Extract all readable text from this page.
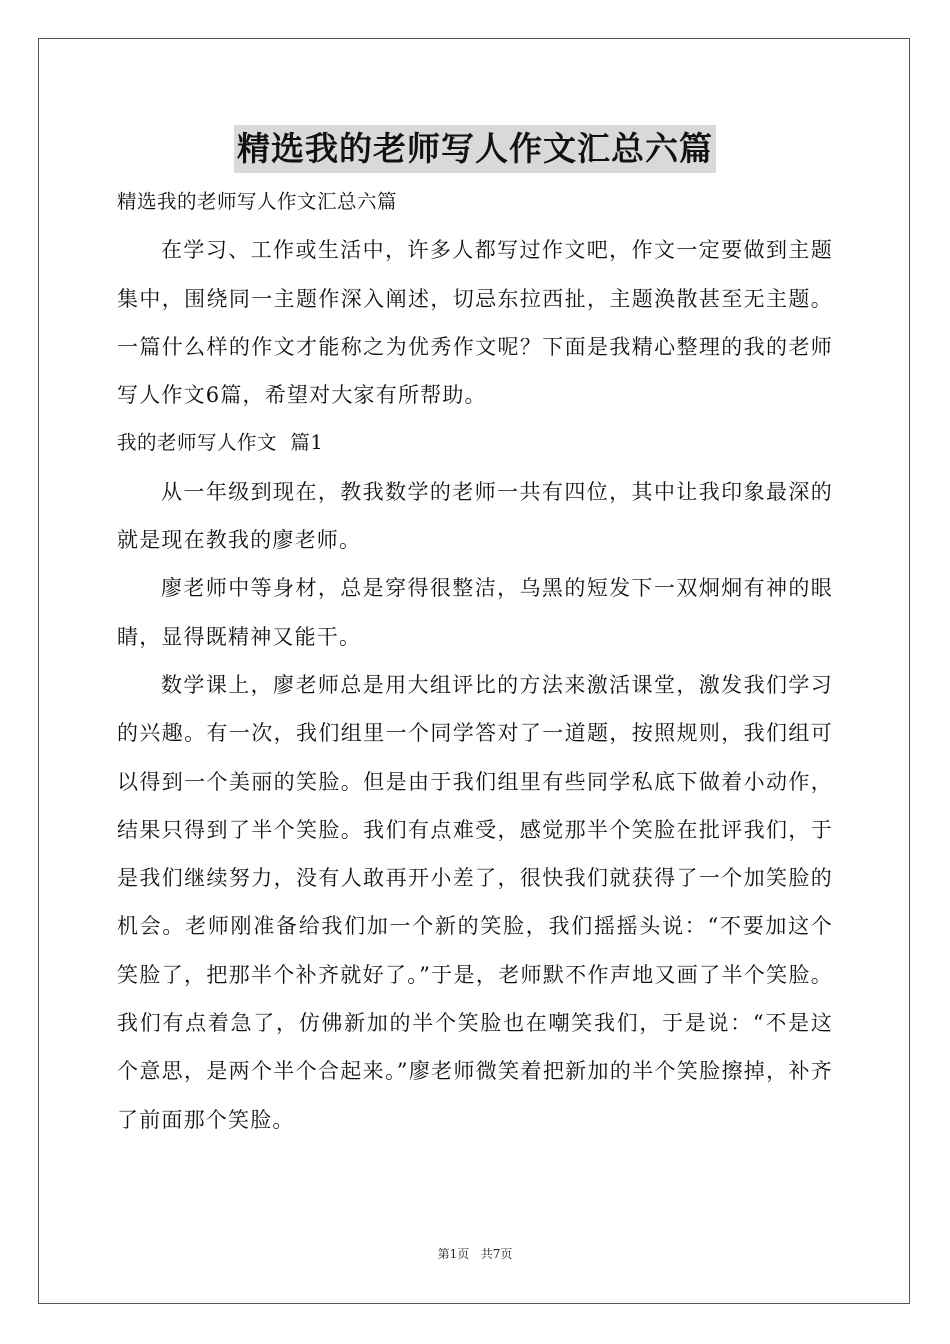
精选我的老师写人作文汇总六篇

精选我的老师写人作文汇总六篇

在学习、工作或生活中，许多人都写过作文吧，作文一定要做到主题集中，围绕同一主题作深入阐述，切忌东拉西扯，主题涣散甚至无主题。一篇什么样的作文才能称之为优秀作文呢？下面是我精心整理的我的老师写人作文6篇，希望对大家有所帮助。

我的老师写人作文  篇1

从一年级到现在，教我数学的老师一共有四位，其中让我印象最深的就是现在教我的廖老师。

廖老师中等身材，总是穿得很整洁，乌黑的短发下一双炯炯有神的眼睛，显得既精神又能干。

数学课上，廖老师总是用大组评比的方法来激活课堂，激发我们学习的兴趣。有一次，我们组里一个同学答对了一道题，按照规则，我们组可以得到一个美丽的笑脸。但是由于我们组里有些同学私底下做着小动作，结果只得到了半个笑脸。我们有点难受，感觉那半个笑脸在批评我们，于是我们继续努力，没有人敢再开小差了，很快我们就获得了一个加笑脸的机会。老师刚准备给我们加一个新的笑脸，我们摇摇头说：“不要加这个笑脸了，把那半个补齐就好了。”于是，老师默不作声地又画了半个笑脸。我们有点着急了，仿佛新加的半个笑脸也在嘲笑我们，于是说：“不是这个意思，是两个半个合起来。”廖老师微笑着把新加的半个笑脸擦掉，补齐了前面那个笑脸。

第1页   共7页
